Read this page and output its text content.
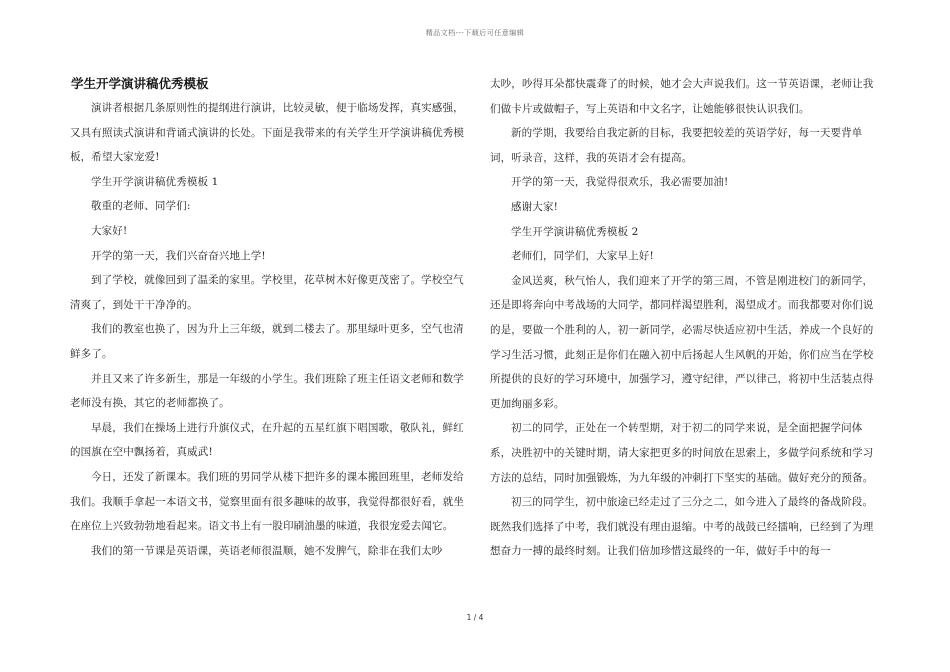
精品文档---下载后可任意编辑
学生开学演讲稿优秀模板

演讲者根据几条原则性的提纲进行演讲，比较灵敏，便于临场发挥，真实感强，又具有照读式演讲和背诵式演讲的长处。下面是我带来的有关学生开学演讲稿优秀模板，希望大家宠爱!

学生开学演讲稿优秀模板 1

敬重的老师、同学们:

大家好!

开学的第一天，我们兴奋奋兴地上学!

到了学校，就像回到了温柔的家里。学校里，花草树木好像更茂密了。学校空气清爽了，到处干干净净的。

我们的教室也换了，因为升上三年级，就到二楼去了。那里绿叶更多，空气也清鲜多了。

并且又来了许多新生，那是一年级的小学生。我们班除了班主任语文老师和数学老师没有换，其它的老师都换了。

早晨，我们在操场上进行升旗仪式，在升起的五星红旗下唱国歌，敬队礼，鲜红的国旗在空中飘扬着，真威武!

今日，还发了新课本。我们班的男同学从楼下把许多的课本搬回班里，老师发给我们。我顺手拿起一本语文书，觉察里面有很多趣味的故事，我觉得都很好看，就坐在座位上兴致勃勃地看起来。语文书上有一股印刷油墨的味道，我很宠爱去闻它。

我们的第一节课是英语课，英语老师很温顺，她不发脾气，除非在我们太吵

太吵，吵得耳朵都快震聋了的时候，她才会大声说我们。这一节英语课，老师让我们做卡片或做帽子，写上英语和中文名字，让她能够很快认识我们。

新的学期，我要给自我定新的目标，我要把较差的英语学好，每一天要背单词，听录音，这样，我的英语才会有提高。

开学的第一天，我觉得很欢乐，我必需要加油!

感谢大家!

学生开学演讲稿优秀模板 2

老师们，同学们，大家早上好!

金风送爽，秋气怡人，我们迎来了开学的第三周，不管是刚进校门的新同学，还是即将奔向中考战场的大同学，都同样渴望胜利，渴望成才。而我都要对你们说的是，要做一个胜利的人，初一新同学，必需尽快适应初中生活，养成一个良好的学习生活习惯，此刻正是你们在融入初中后扬起人生风帆的开始，你们应当在学校所提供的良好的学习环境中，加强学习，遵守纪律，严以律己，将初中生活装点得更加绚丽多彩。

初二的同学，正处在一个转型期，对于初二的同学来说，是全面把握学问体系，决胜初中的关键时期，请大家把更多的时间放在思索上，多做学问系统和学习方法的总结，同时加强锻炼，为九年级的冲刺打下坚实的基础。做好充分的预备。

初三的同学生，初中旅途已经走过了三分之二，如今进入了最终的备战阶段。既然我们选择了中考，我们就没有理由退缩。中考的战鼓已经擂响，已经到了为理想奋力一搏的最终时刻。让我们倍加珍惜这最终的一年，做好手中的每一

1 / 4
